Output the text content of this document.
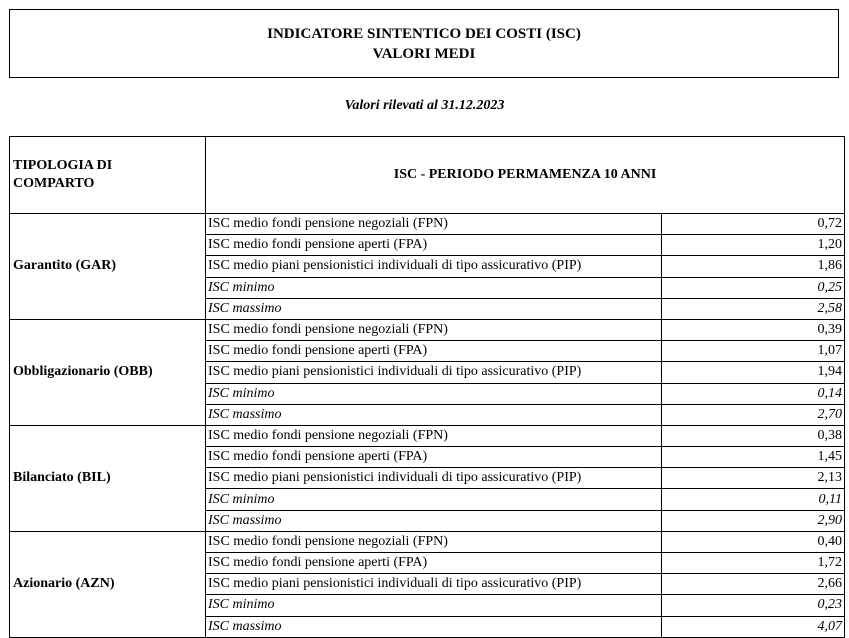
INDICATORE SINTENTICO DEI COSTI (ISC)
VALORI MEDI
Valori rilevati al 31.12.2023
TIPOLOGIA DI
COMPARTO	ISC - PERIODO PERMAMENZA 10 ANNI	
Garantito (GAR)	ISC medio fondi pensione negoziali (FPN)	0,72
	ISC medio fondi pensione aperti (FPA)	1,20
	ISC medio piani pensionistici individuali di tipo assicurativo (PIP)	1,86
	ISC minimo	0,25
	ISC massimo	2,58
Obbligazionario (OBB)	ISC medio fondi pensione negoziali (FPN)	0,39
	ISC medio fondi pensione aperti (FPA)	1,07
	ISC medio piani pensionistici individuali di tipo assicurativo (PIP)	1,94
	ISC minimo	0,14
	ISC massimo	2,70
Bilanciato (BIL)	ISC medio fondi pensione negoziali (FPN)	0,38
	ISC medio fondi pensione aperti (FPA)	1,45
	ISC medio piani pensionistici individuali di tipo assicurativo (PIP)	2,13
	ISC minimo	0,11
	ISC massimo	2,90
Azionario (AZN)	ISC medio fondi pensione negoziali (FPN)	0,40
	ISC medio fondi pensione aperti (FPA)	1,72
	ISC medio piani pensionistici individuali di tipo assicurativo (PIP)	2,66
	ISC minimo	0,23
	ISC massimo	4,07
